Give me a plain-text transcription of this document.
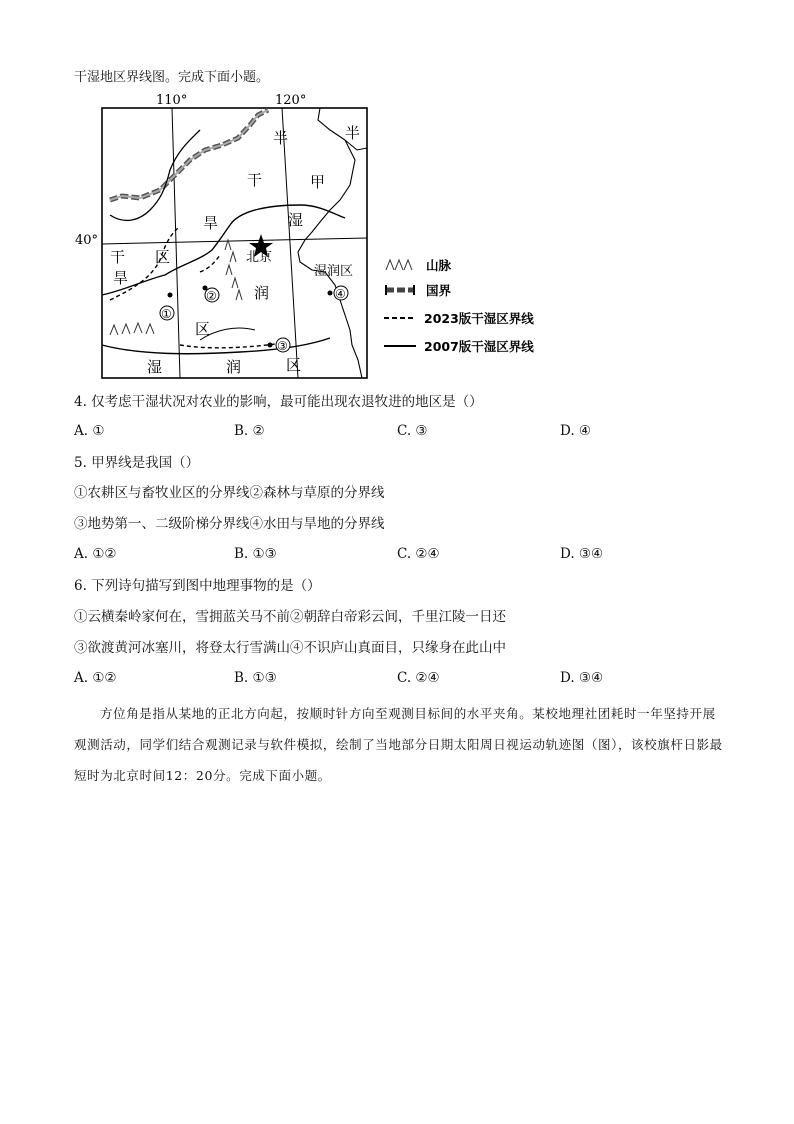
干湿地区界线图。完成下面小题。
110°	120°
40°
半	半
干	甲
旱	湿
干 区
旱
润
区
湿	润	区
北京
湿润区
①
②
③
④
山脉
国界
2023版干湿区界线
2007版干湿区界线
4. 仅考虑干湿状况对农业的影响，最可能出现农退牧进的地区是（）
A. ①	B. ②	C. ③	D. ④
5. 甲界线是我国（）
①农耕区与畜牧业区的分界线②森林与草原的分界线
③地势第一、二级阶梯分界线④水田与旱地的分界线
A. ①②	B. ①③	C. ②④	D. ③④
6. 下列诗句描写到图中地理事物的是（）
①云横秦岭家何在，雪拥蓝关马不前②朝辞白帝彩云间，千里江陵一日还
③欲渡黄河冰塞川，将登太行雪满山④不识庐山真面目，只缘身在此山中
A. ①②	B. ①③	C. ②④	D. ③④
方位角是指从某地的正北方向起，按顺时针方向至观测目标间的水平夹角。某校地理社团耗时一年坚持开展观测活动，同学们结合观测记录与软件模拟，绘制了当地部分日期太阳周日视运动轨迹图（图），该校旗杆日影最短时为北京时间12：20分。完成下面小题。
